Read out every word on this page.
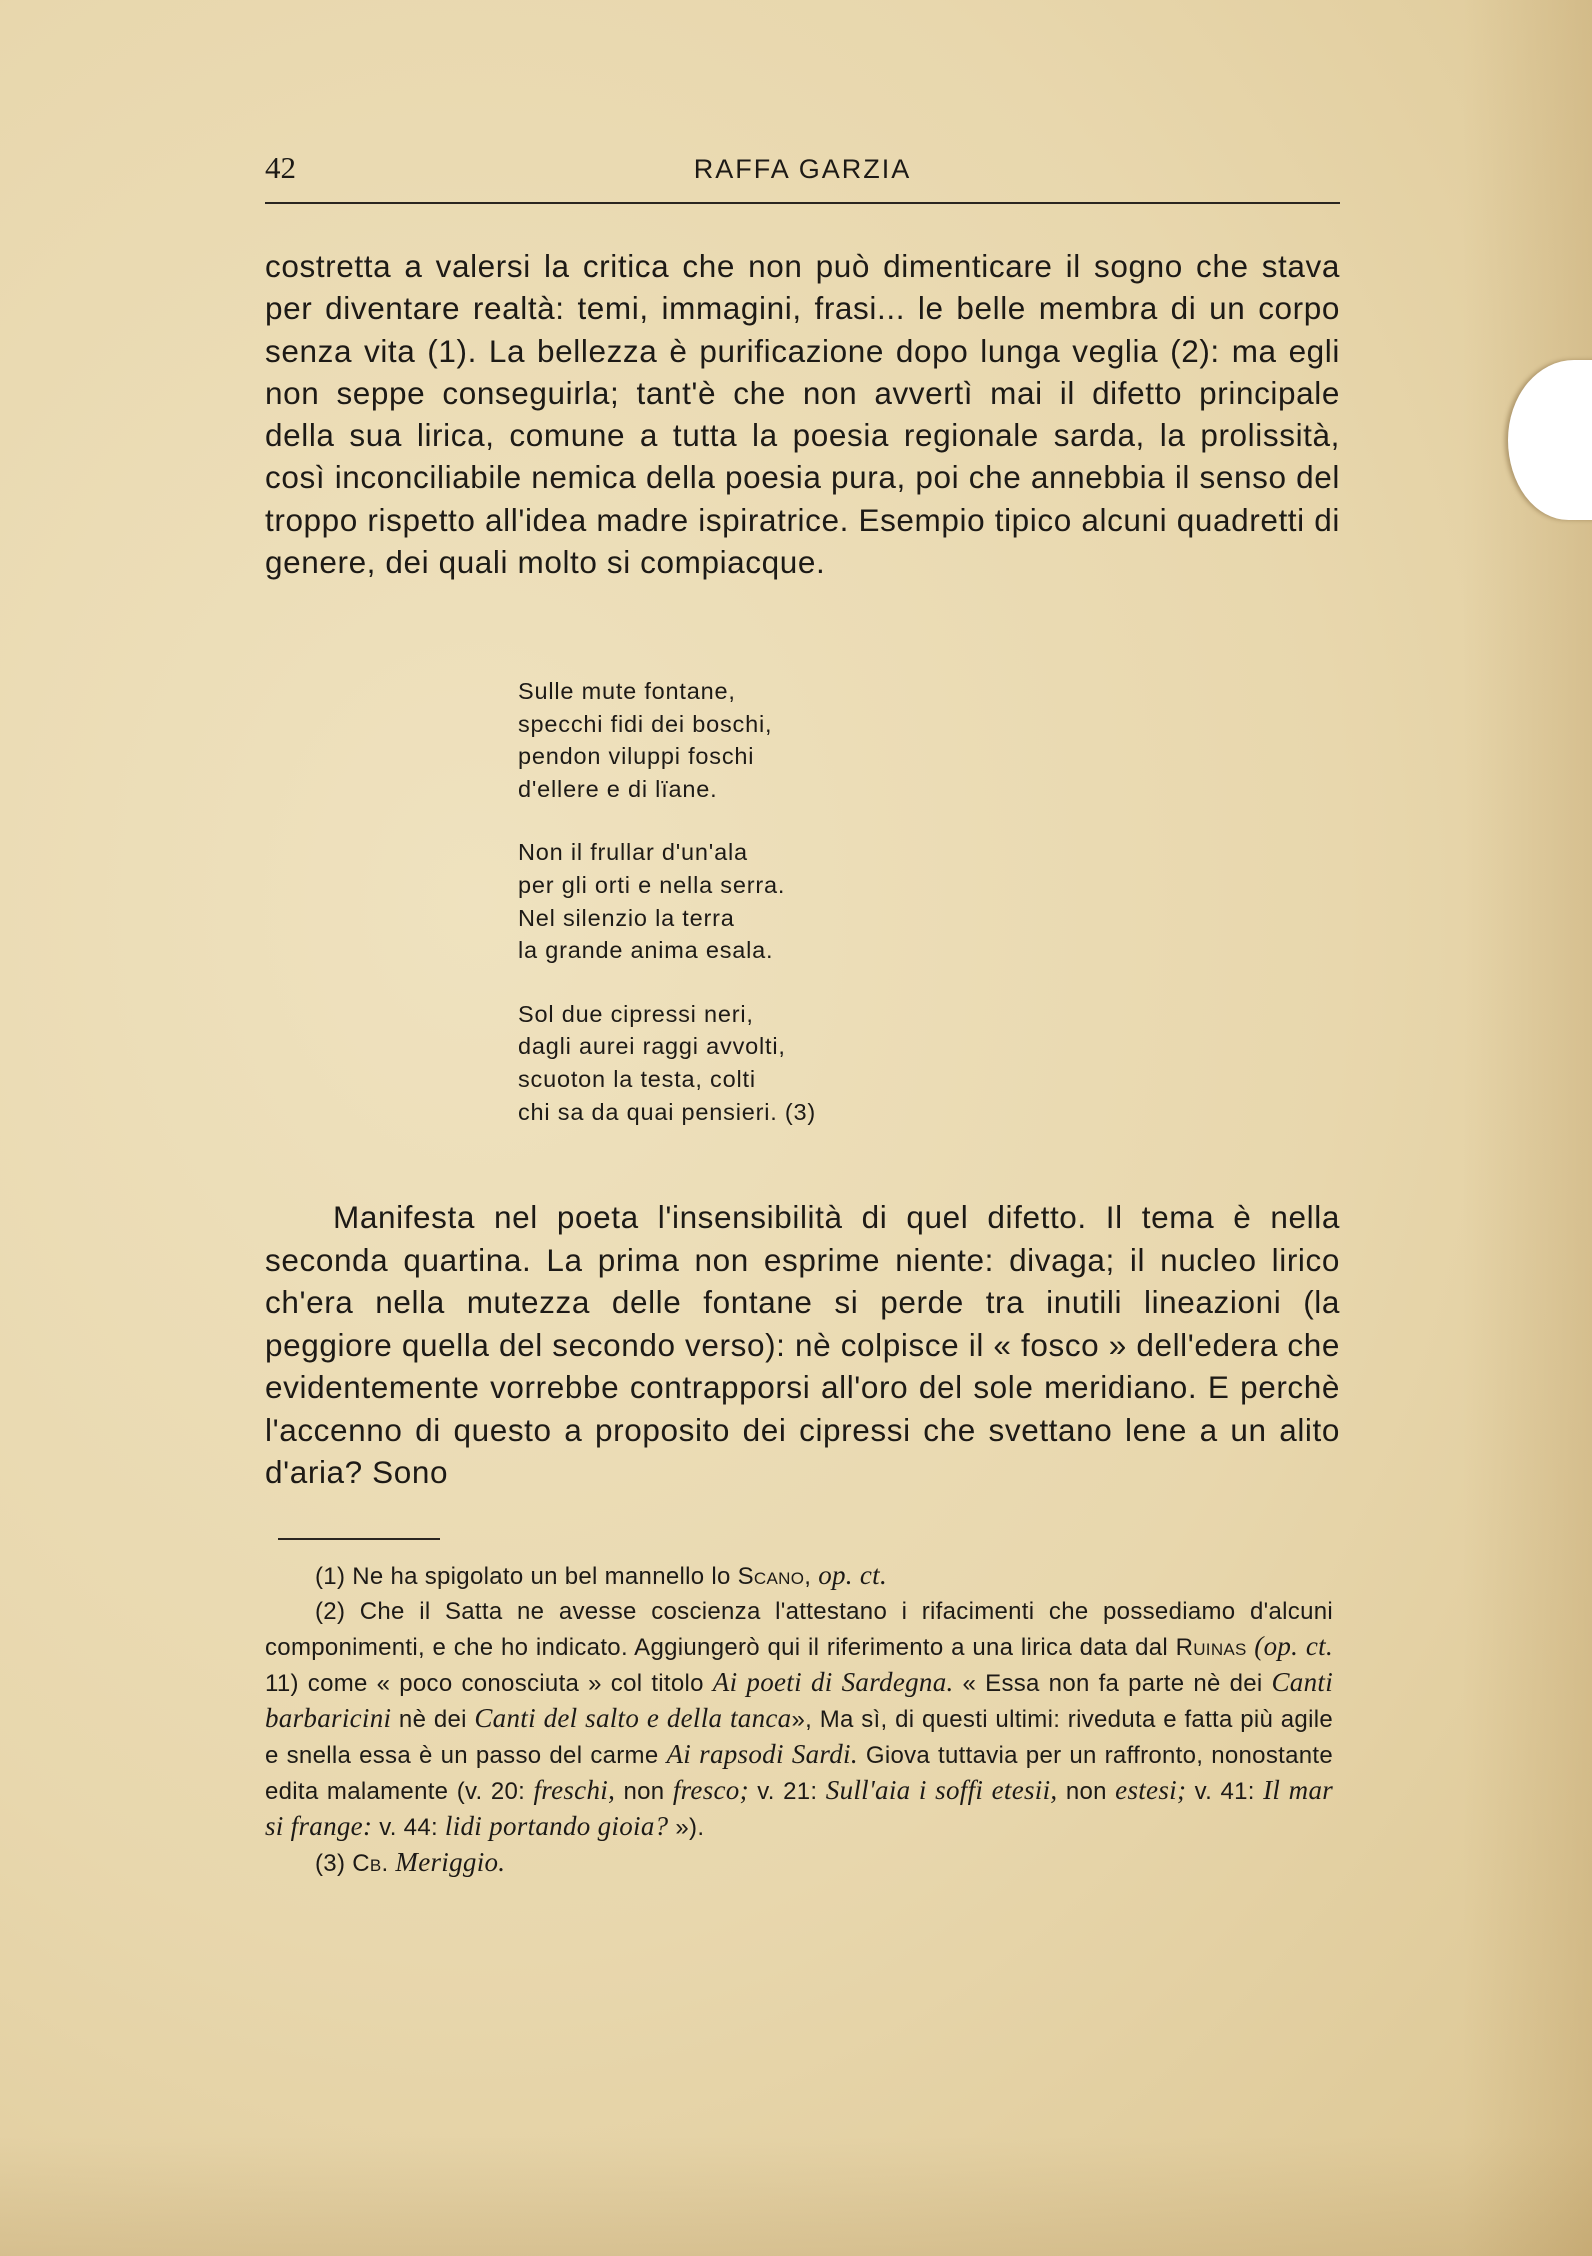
42	RAFFA GARZIA

costretta a valersi la critica che non può dimenticare il sogno che stava per diventare realtà: temi, immagini, frasi... le belle membra di un corpo senza vita (1). La bellezza è purificazione dopo lunga veglia (2): ma egli non seppe conseguirla; tant'è che non avvertì mai il difetto principale della sua lirica, comune a tutta la poesia regionale sarda, la prolissità, così inconciliabile nemica della poesia pura, poi che annebbia il senso del troppo rispetto all'idea madre ispiratrice. Esempio tipico alcuni quadretti di genere, dei quali molto si compiacque.

Sulle mute fontane,
specchi fidi dei boschi,
pendon viluppi foschi
d'ellere e di lïane.
Non il frullar d'un'ala
per gli orti e nella serra.
Nel silenzio la terra
la grande anima esala.
Sol due cipressi neri,
dagli aurei raggi avvolti,
scuoton la testa, colti
chi sa da quai pensieri. (3)

Manifesta nel poeta l'insensibilità di quel difetto. Il tema è nella seconda quartina. La prima non esprime niente: divaga; il nucleo lirico ch'era nella mutezza delle fontane si perde tra inutili lineazioni (la peggiore quella del secondo verso): nè colpisce il « fosco » dell'edera che evidentemente vorrebbe contrapporsi all'oro del sole meridiano. E perchè l'accenno di questo a proposito dei cipressi che svettano lene a un alito d'aria? Sono

(1) Ne ha spigolato un bel mannello lo Scano, op. ct.

(2) Che il Satta ne avesse coscienza l'attestano i rifacimenti che possediamo d'alcuni componimenti, e che ho indicato. Aggiungerò qui il riferimento a una lirica data dal Ruinas (op. ct. 11) come « poco conosciuta » col titolo Ai poeti di Sardegna. « Essa non fa parte nè dei Canti barbaricini nè dei Canti del salto e della tanca», Ma sì, di questi ultimi: riveduta e fatta più agile e snella essa è un passo del carme Ai rapsodi Sardi. Giova tuttavia per un raffronto, nonostante edita malamente (v. 20: freschi, non fresco; v. 21: Sull'aia i soffi etesii, non estesi; v. 41: Il mar si frange: v. 44: lidi portando gioia? »).

(3) Cb. Meriggio.
